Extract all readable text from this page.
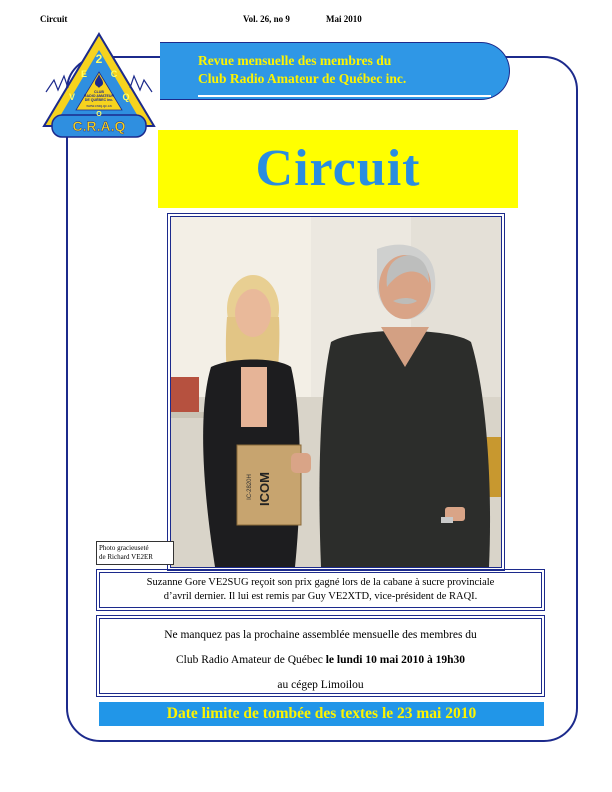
Circuit	Vol. 26, no 9	Mai 2010
Revue mensuelle des membres du
Club Radio Amateur de Québec inc.
2
E	C
Q
V
O
CLUB
RADIO AMATEUR
DE QUÉBEC inc.
www.craq.qc.ca
C.R.A.Q
Circuit
ICOM
IC-2820H
Photo gracieuseté
de Richard VE2ER
Suzanne Gore VE2SUG reçoit son prix gagné lors de la cabane à sucre provinciale
d’avril dernier. Il lui est remis par Guy VE2XTD, vice-président de RAQI.
Ne manquez pas la prochaine assemblée mensuelle des membres du
Club Radio Amateur de Québec le lundi 10 mai 2010 à 19h30
au cégep Limoilou
Date limite de tombée des textes le 23 mai 2010
